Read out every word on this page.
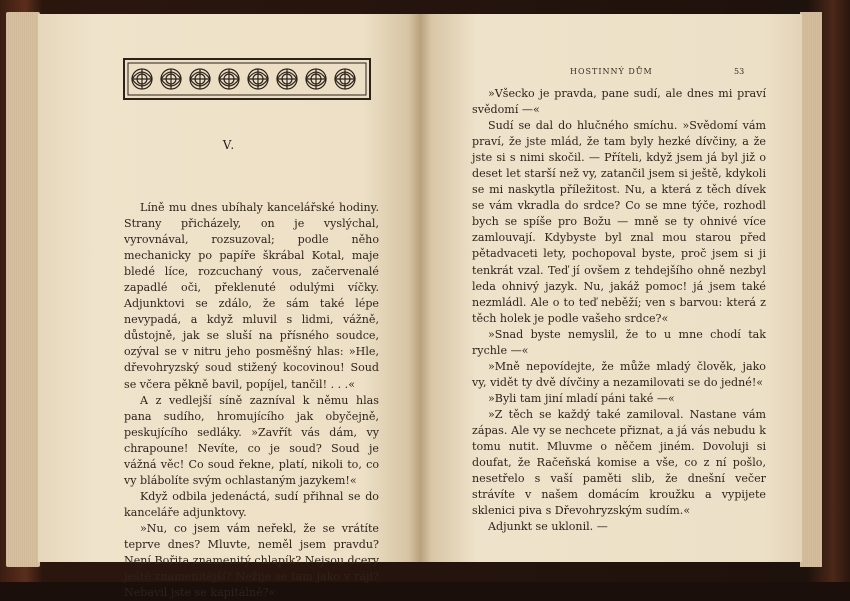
V.

Líně mu dnes ubíhaly kancelářské hodiny. Strany přicházely, on je vyslýchal, vyrovnával, rozsuzoval; podle něho mechanicky po papíře škrábal Kotal, maje bledé líce, rozcuchaný vous, začervenalé zapadlé oči, překlenuté odulými víčky. Adjunktovi se zdálo, že sám také lépe nevypadá, a když mluvil s lidmi, vážně, důstojně, jak se sluší na přísného soudce, ozýval se v nitru jeho posměšný hlas: »Hle, dřevohryzský soud stižený kocovinou! Soud se včera pěkně bavil, popíjel, tančil! . . .«

A z vedlejší síně zazníval k němu hlas pana sudího, hromujícího jak obyčejně, peskujícího sedláky. »Zavřít vás dám, vy chrapoune! Nevíte, co je soud? Soud je vážná věc! Co soud řekne, platí, nikoli to, co vy blábolíte svým ochlastaným jazykem!«

Když odbila jedenáctá, sudí přihnal se do kanceláře adjunktovy.

»Nu, co jsem vám neřekl, že se vrátíte teprve dnes? Mluvte, neměl jsem pravdu? Není Bořita znamenitý chlapík? Nejsou dcery ještě znamenitější? Nežije se tam jako v ráji? Nebavil jste se kapitálně?«

HOSTINNÝ DŮM	53

»Všecko je pravda, pane sudí, ale dnes mi praví svědomí —«

Sudí se dal do hlučného smíchu. »Svědomí vám praví, že jste mlád, že tam byly hezké dívčiny, a že jste si s nimi skočil. — Příteli, když jsem já byl již o deset let starší než vy, zatančil jsem si ještě, kdykoli se mi naskytla příležitost. Nu, a která z těch dívek se vám vkradla do srdce? Co se mne týče, rozhodl bych se spíše pro Božu — mně se ty ohnivé více zamlouvají. Kdybyste byl znal mou starou před pětadvaceti lety, pochopoval byste, proč jsem si ji tenkrát vzal. Teď jí ovšem z tehdejšího ohně nezbyl leda ohnivý jazyk. Nu, jakáž pomoc! já jsem také nezmládl. Ale o to teď neběží; ven s barvou: která z těch holek je podle vašeho srdce?«

»Snad byste nemyslil, že to u mne chodí tak rychle —«

»Mně nepovídejte, že může mladý člověk, jako vy, vidět ty dvě dívčiny a nezamilovati se do jedné!«

»Byli tam jiní mladí páni také —«

»Z těch se každý také zamiloval. Nastane vám zápas. Ale vy se nechcete přiznat, a já vás nebudu k tomu nutit. Mluvme o něčem jiném. Dovoluji si doufat, že Račeňská komise a vše, co z ní pošlo, nesetřelo s vaší paměti slib, že dnešní večer strávíte v našem domácím kroužku a vypijete sklenici piva s Dřevohryzským sudím.«

Adjunkt se uklonil. —
